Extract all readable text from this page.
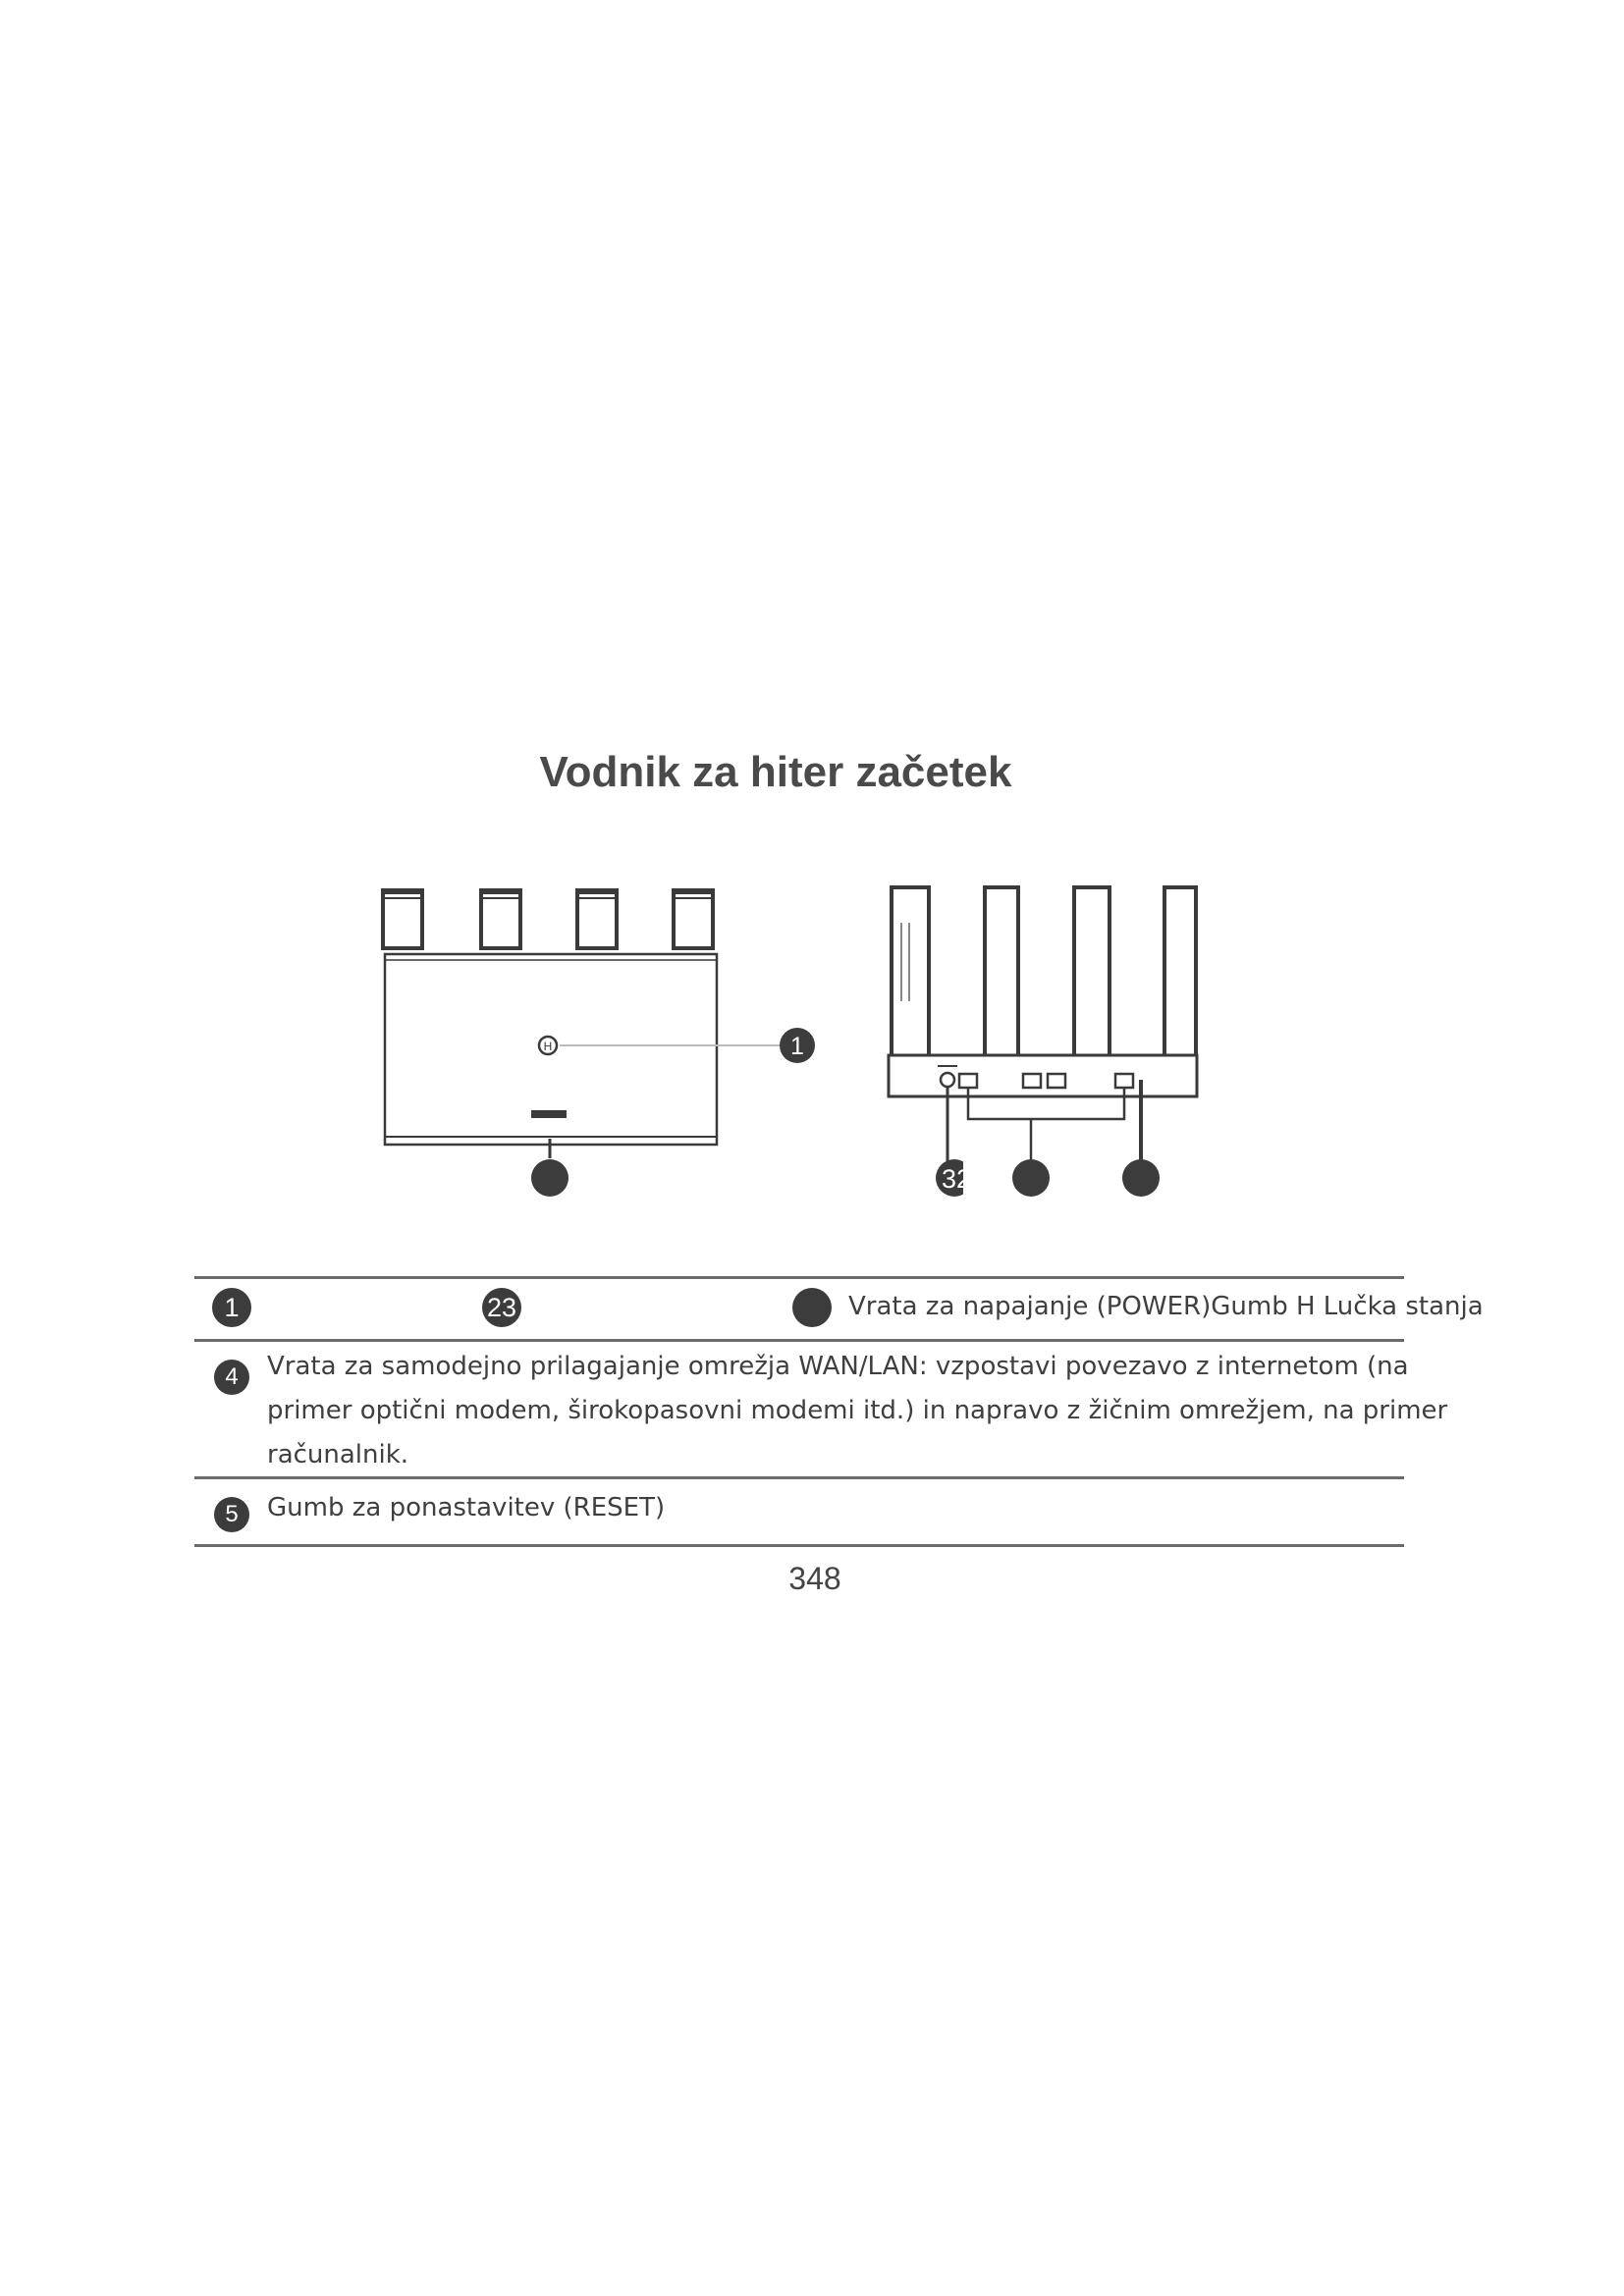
Vodnik za hiter začetek
H	1
32
1	23	Vrata za napajanje (POWER)Gumb H Lučka stanja
4	Vrata za samodejno prilagajanje omrežja WAN/LAN: vzpostavi povezavo z internetom (na
primer optični modem, širokopasovni modemi itd.) in napravo z žičnim omrežjem, na primer
računalnik.
5	Gumb za ponastavitev (RESET)
348
